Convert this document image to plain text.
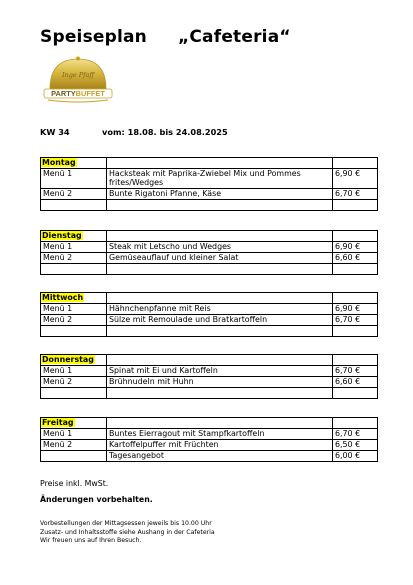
Speiseplan „Cafeteria“
Inge Pfaff
PARTYBUFFET
KW 34	vom: 18.08. bis 24.08.2025
Montag		
Menü 1	Hacksteak mit Paprika-Zwiebel Mix und Pommes frites/Wedges	6,90 €
Menü 2	Bunte Rigatoni Pfanne, Käse	6,70 €

Dienstag		
Menü 1	Steak mit Letscho und Wedges	6,90 €
Menü 2	Gemüseauflauf und kleiner Salat	6,60 €

Mittwoch		
Menü 1	Hähnchenpfanne mit Reis	6,90 €
Menü 2	Sülze mit Remoulade und Bratkartoffeln	6,70 €

Donnerstag		
Menü 1	Spinat mit Ei und Kartoffeln	6,70 €
Menü 2	Brühnudeln mit Huhn	6,60 €

Freitag		
Menü 1	Buntes Eierragout mit Stampfkartoffeln	6,70 €
Menü 2	Kartoffelpuffer mit Früchten	6,50 €
	Tagesangebot	6,00 €
Preise inkl. MwSt.
Änderungen vorbehalten.
Vorbestellungen der Mittagsessen jeweils bis 10.00 Uhr
Zusatz- und Inhaltsstoffe siehe Aushang in der Cafeteria
Wir freuen uns auf Ihren Besuch.
